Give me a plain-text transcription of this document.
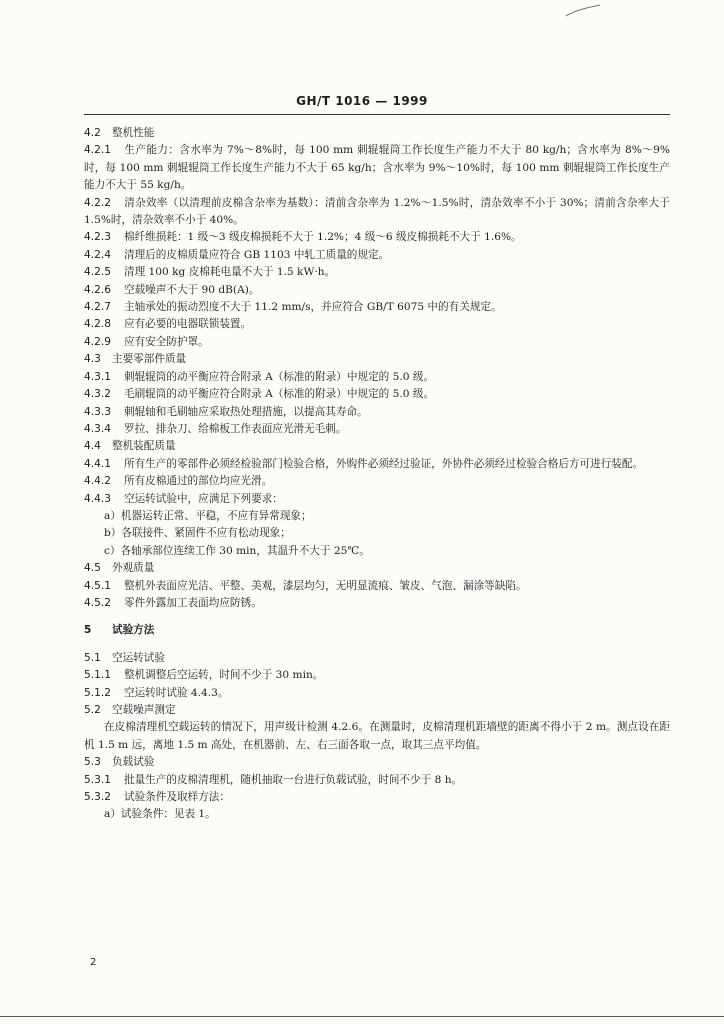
GH/T 1016 — 1999
4.2 整机性能
4.2.1 生产能力：含水率为 7%～8%时，每 100 mm 刺辊辊筒工作长度生产能力不大于 80 kg/h；含水率为 8%～9%时，每 100 mm 刺辊辊筒工作长度生产能力不大于 65 kg/h；含水率为 9%～10%时，每 100 mm 刺辊辊筒工作长度生产能力不大于 55 kg/h。
4.2.2 清杂效率（以清理前皮棉含杂率为基数）：清前含杂率为 1.2%～1.5%时，清杂效率不小于 30%；清前含杂率大于 1.5%时，清杂效率不小于 40%。
4.2.3 棉纤维损耗：1 级～3 级皮棉损耗不大于 1.2%；4 级～6 级皮棉损耗不大于 1.6%。
4.2.4 清理后的皮棉质量应符合 GB 1103 中轧工质量的规定。
4.2.5 清理 100 kg 皮棉耗电量不大于 1.5 kW·h。
4.2.6 空载噪声不大于 90 dB(A)。
4.2.7 主轴承处的振动烈度不大于 11.2 mm/s，并应符合 GB/T 6075 中的有关规定。
4.2.8 应有必要的电器联锁装置。
4.2.9 应有安全防护罩。
4.3 主要零部件质量
4.3.1 刺辊辊筒的动平衡应符合附录 A（标准的附录）中规定的 5.0 级。
4.3.2 毛刷辊筒的动平衡应符合附录 A（标准的附录）中规定的 5.0 级。
4.3.3 刺辊轴和毛刷轴应采取热处理措施，以提高其寿命。
4.3.4 罗拉、排杂刀、给棉板工作表面应光滑无毛刺。
4.4 整机装配质量
4.4.1 所有生产的零部件必须经检验部门检验合格，外购件必须经过验证，外协件必须经过检验合格后方可进行装配。
4.4.2 所有皮棉通过的部位均应光滑。
4.4.3 空运转试验中，应满足下列要求：
a）机器运转正常、平稳，不应有异常现象；
b）各联接件、紧固件不应有松动现象；
c）各轴承部位连续工作 30 min，其温升不大于 25℃。
4.5 外观质量
4.5.1 整机外表面应光洁、平整、美观，漆层均匀，无明显流痕、皱皮、气泡、漏涂等缺陷。
4.5.2 零件外露加工表面均应防锈。
5 试验方法
5.1 空运转试验
5.1.1 整机调整后空运转，时间不少于 30 min。
5.1.2 空运转时试验 4.4.3。
5.2 空载噪声测定
在皮棉清理机空载运转的情况下，用声级计检测 4.2.6。在测量时，皮棉清理机距墙壁的距离不得小于 2 m。测点设在距机 1.5 m 远，离地 1.5 m 高处，在机器前、左、右三面各取一点，取其三点平均值。
5.3 负载试验
5.3.1 批量生产的皮棉清理机，随机抽取一台进行负载试验，时间不少于 8 h。
5.3.2 试验条件及取样方法：
a）试验条件：见表 1。
2
